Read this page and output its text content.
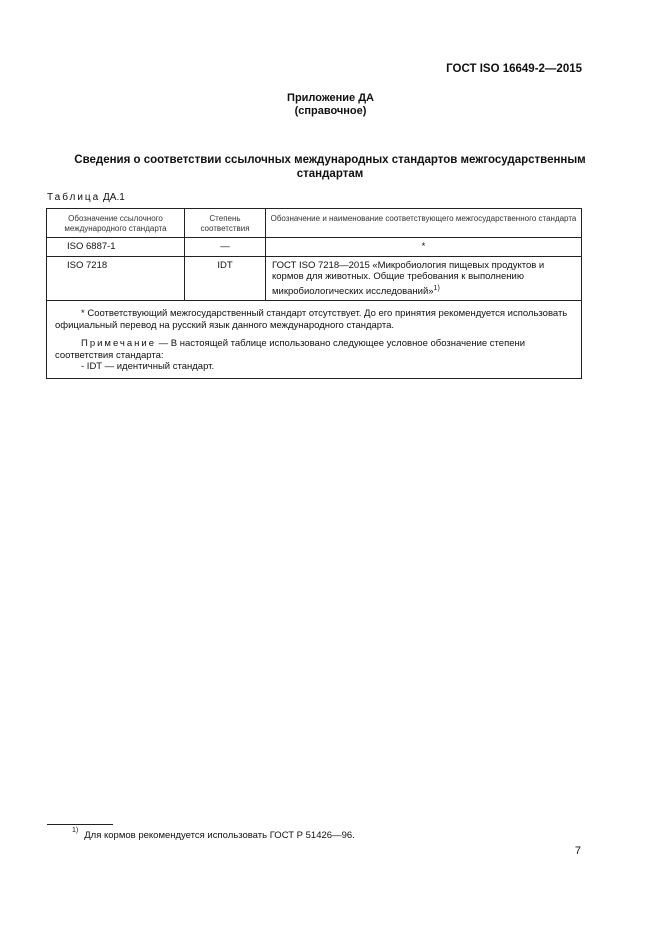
ГОСТ ISO 16649-2—2015
Приложение ДА
(справочное)
Сведения о соответствии ссылочных международных стандартов межгосударственным стандартам
Таблица ДА.1
Обозначение ссылочного международного стандарта	Степень соответствия	Обозначение и наименование соответствующего межгосударственного стандарта
ISO 6887-1	—	*
ISO 7218	IDT	ГОСТ ISO 7218—2015 «Микробиология пищевых продуктов и кормов для животных. Общие требования к выполнению микробиологических исследований»$^{1)}$

* Соответствующий межгосударственный стандарт отсутствует. До его принятия рекомендуется использовать официальный перевод на русский язык данного международного стандарта.

Примечание — В настоящей таблице использовано следующее условное обозначение степени соответствия стандарта:

- IDT — идентичный стандарт.		

$^{1)}$ Для кормов рекомендуется использовать ГОСТ Р 51426—96.
7
